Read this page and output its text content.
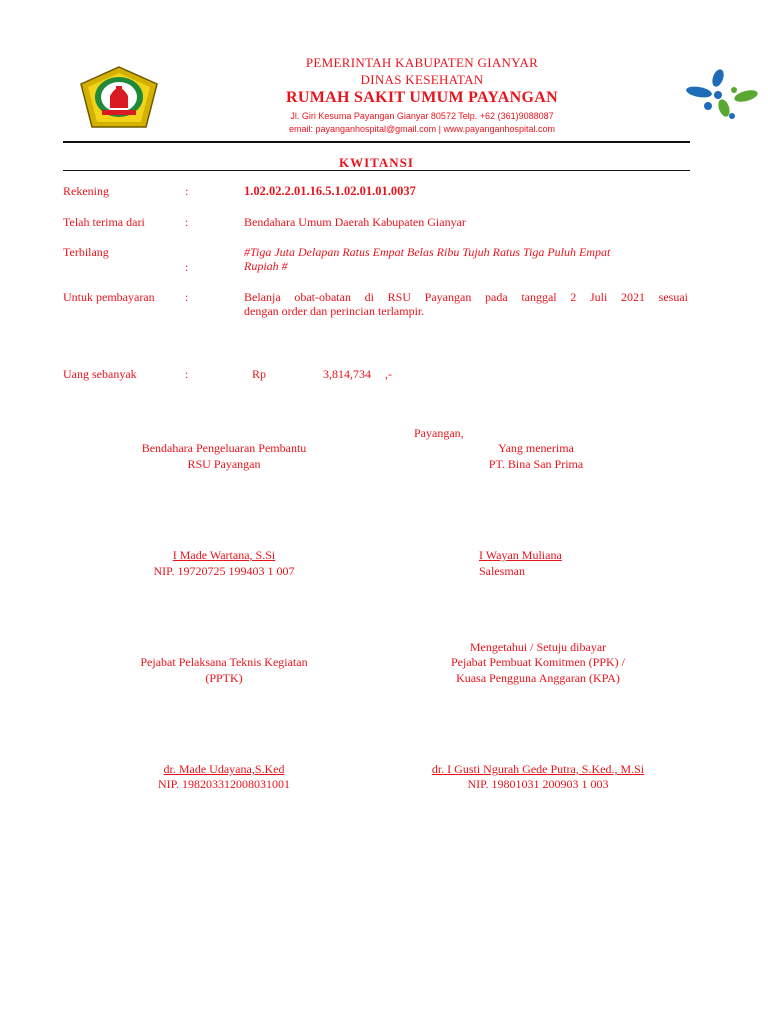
PEMERINTAH KABUPATEN GIANYAR
DINAS KESEHATAN
RUMAH SAKIT UMUM PAYANGAN
Jl. Giri Kesuma Payangan Gianyar 80572 Telp. +62 (361)9088087
email: payanganhospital@gmail.com | www.payanganhospital.com
KWITANSI
Rekening	:	1.02.02.2.01.16.5.1.02.01.01.0037
Telah terima dari	:	Bendahara Umum Daerah Kabupaten Gianyar
Terbilang
:
#Tiga Juta Delapan Ratus Empat Belas Ribu Tujuh Ratus Tiga Puluh Empat
Rupiah #
Untuk pembayaran	:	Belanja obat-obatan di RSU Payangan pada tanggal 2 Juli 2021 sesuai
dengan order dan perincian terlampir.
Uang sebanyak	:	Rp	3,814,734 ,-
Payangan,
Bendahara Pengeluaran Pembantu
RSU Payangan
I Made Wartana, S.Si
NIP. 19720725 199403 1 007
Yang menerima
PT. Bina San Prima
I Wayan Muliana
Salesman
Pejabat Pelaksana Teknis Kegiatan
(PPTK)
dr. Made Udayana,S.Ked
NIP. 198203312008031001
Mengetahui / Setuju dibayar
Pejabat Pembuat Komitmen (PPK) /
Kuasa Pengguna Anggaran (KPA)
dr. I Gusti Ngurah Gede Putra, S.Ked., M.Si
NIP. 19801031 200903 1 003
